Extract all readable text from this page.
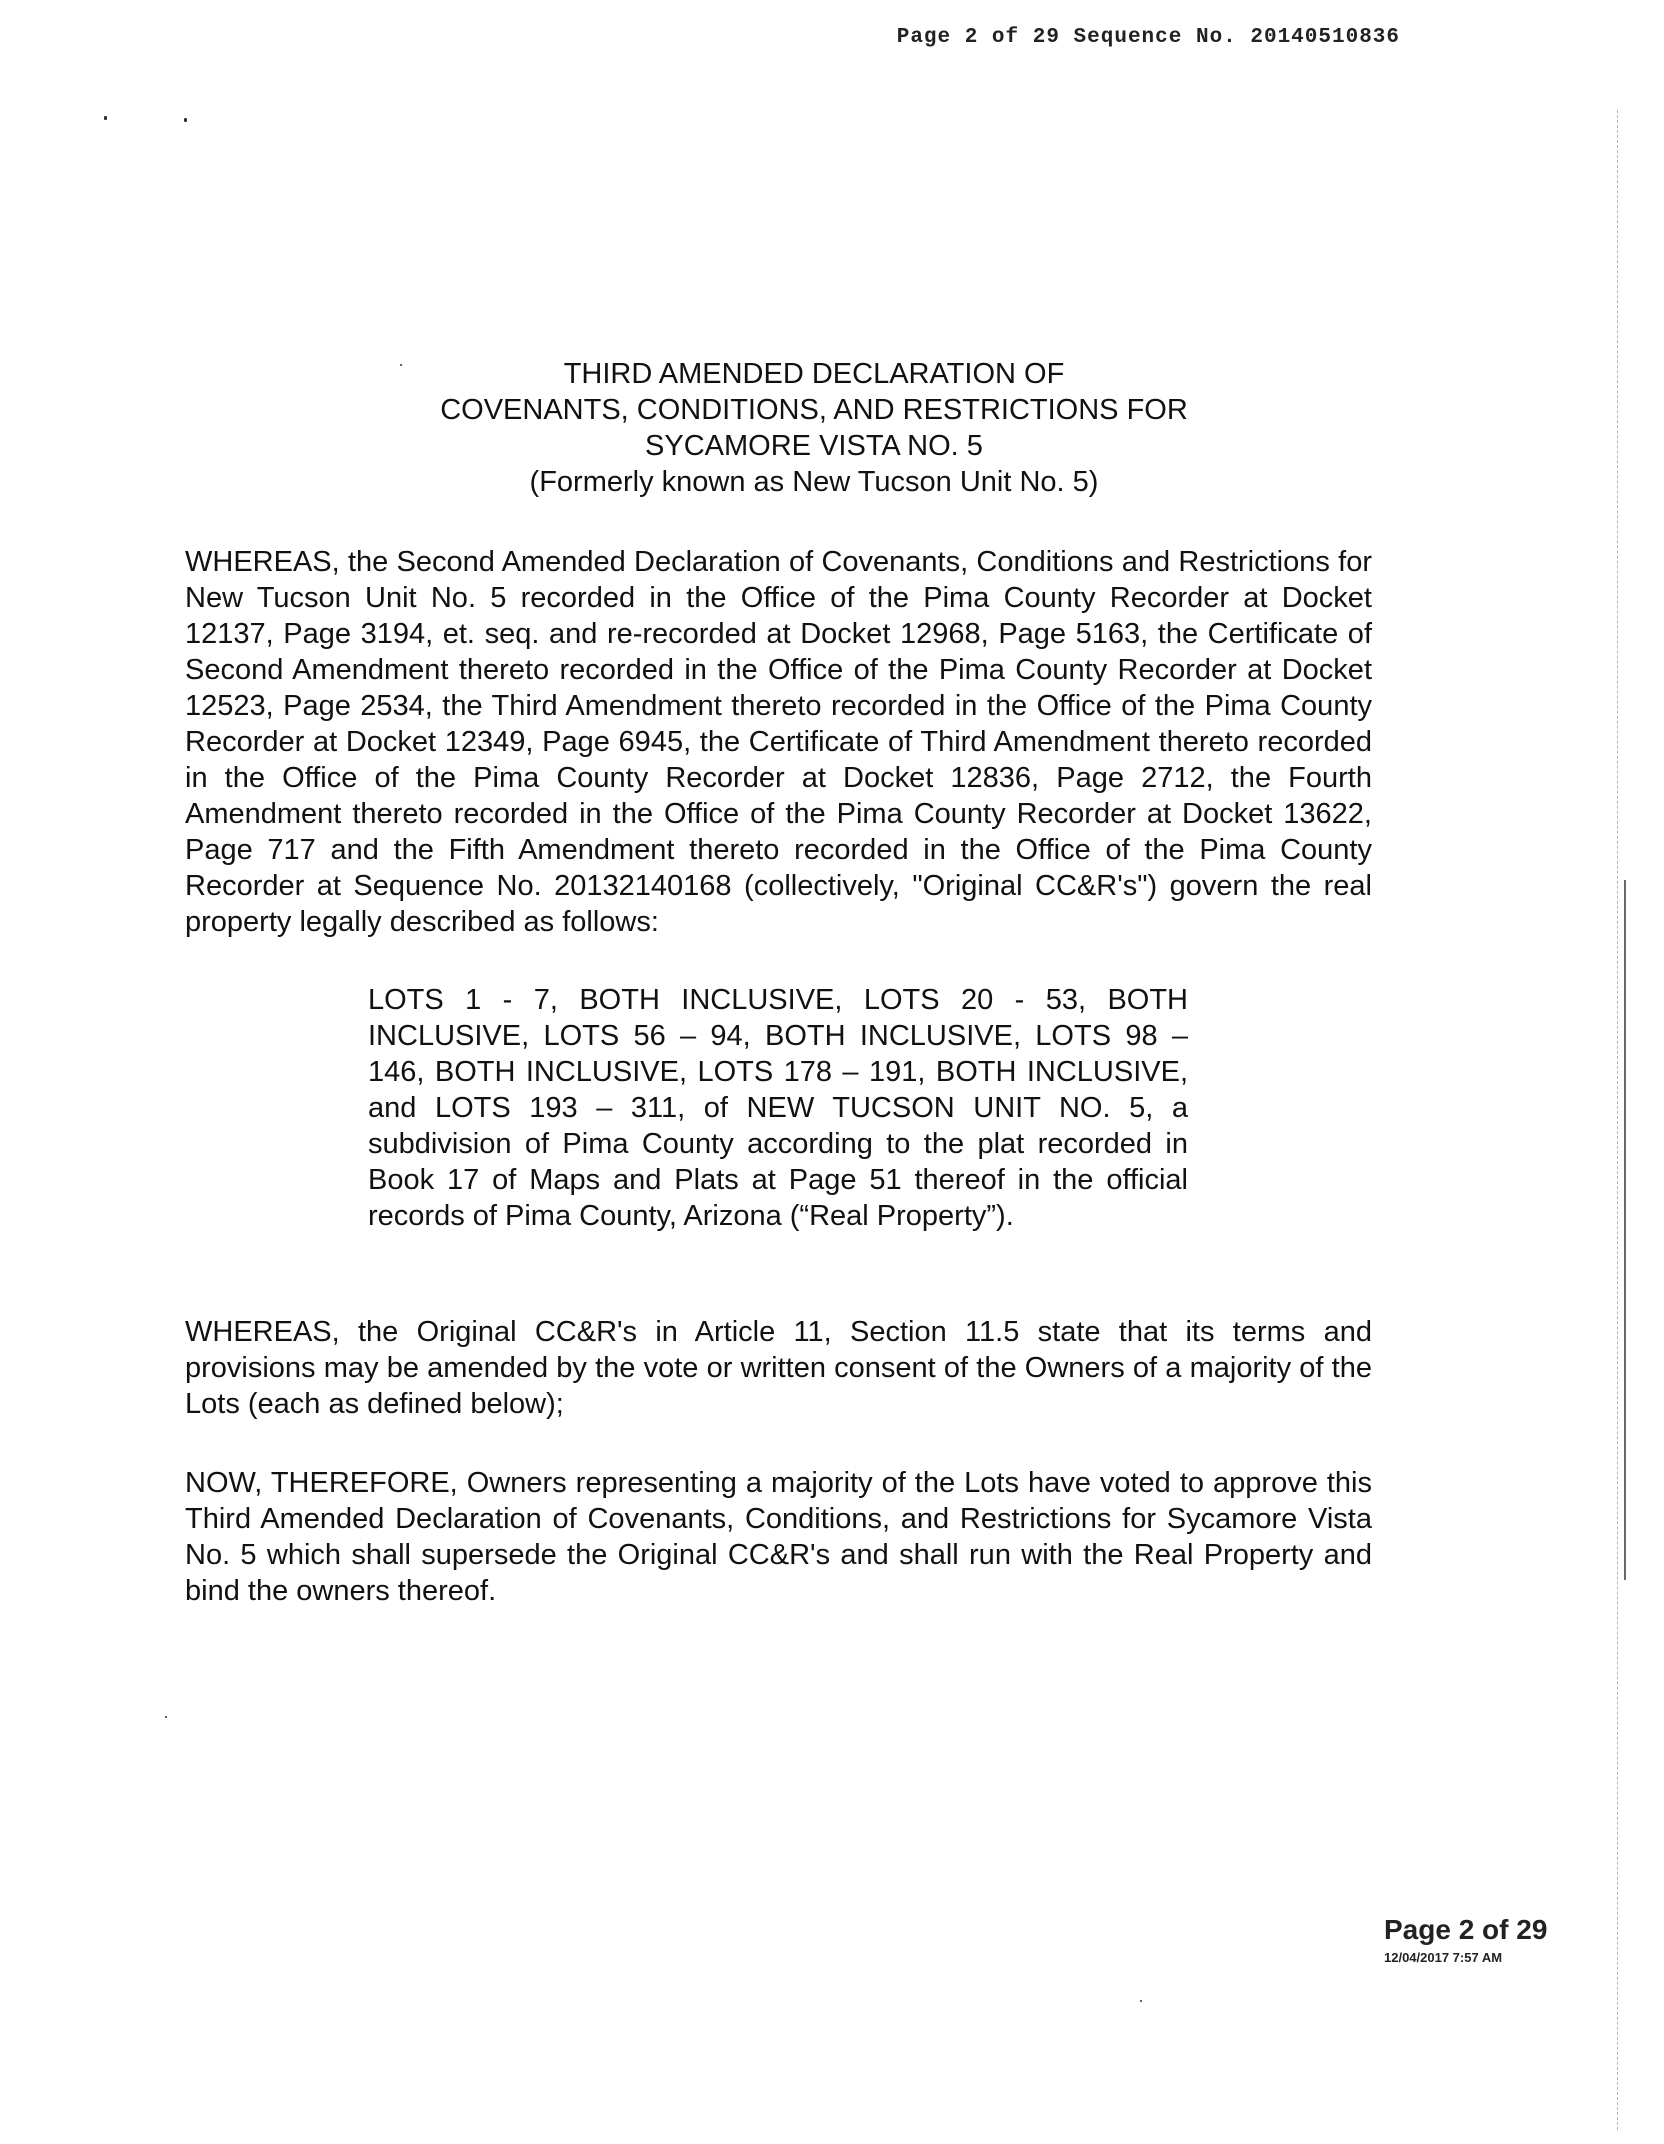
Page 2 of 29 Sequence No. 20140510836
THIRD AMENDED DECLARATION OF
COVENANTS, CONDITIONS, AND RESTRICTIONS FOR
SYCAMORE VISTA NO. 5
(Formerly known as New Tucson Unit No. 5)

WHEREAS, the Second Amended Declaration of Covenants, Conditions and Restrictions for New Tucson Unit No. 5 recorded in the Office of the Pima County Recorder at Docket 12137, Page 3194, et. seq. and re-recorded at Docket 12968, Page 5163, the Certificate of Second Amendment thereto recorded in the Office of the Pima County Recorder at Docket 12523, Page 2534, the Third Amendment thereto recorded in the Office of the Pima County Recorder at Docket 12349, Page 6945, the Certificate of Third Amendment thereto recorded in the Office of the Pima County Recorder at Docket 12836, Page 2712, the Fourth Amendment thereto recorded in the Office of the Pima County Recorder at Docket 13622, Page 717 and the Fifth Amendment thereto recorded in the Office of the Pima County Recorder at Sequence No. 20132140168 (collectively, "Original CC&R's") govern the real property legally described as follows:

LOTS 1 - 7, BOTH INCLUSIVE, LOTS 20 - 53, BOTH INCLUSIVE, LOTS 56 – 94, BOTH INCLUSIVE, LOTS 98 – 146, BOTH INCLUSIVE, LOTS 178 – 191, BOTH INCLUSIVE, and LOTS 193 – 311, of NEW TUCSON UNIT NO. 5, a subdivision of Pima County according to the plat recorded in Book 17 of Maps and Plats at Page 51 thereof in the official records of Pima County, Arizona (“Real Property”).

WHEREAS, the Original CC&R's in Article 11, Section 11.5 state that its terms and provisions may be amended by the vote or written consent of the Owners of a majority of the Lots (each as defined below);

NOW, THEREFORE, Owners representing a majority of the Lots have voted to approve this Third Amended Declaration of Covenants, Conditions, and Restrictions for Sycamore Vista No. 5 which shall supersede the Original CC&R's and shall run with the Real Property and bind the owners thereof.

Page 2 of 29
12/04/2017 7:57 AM
